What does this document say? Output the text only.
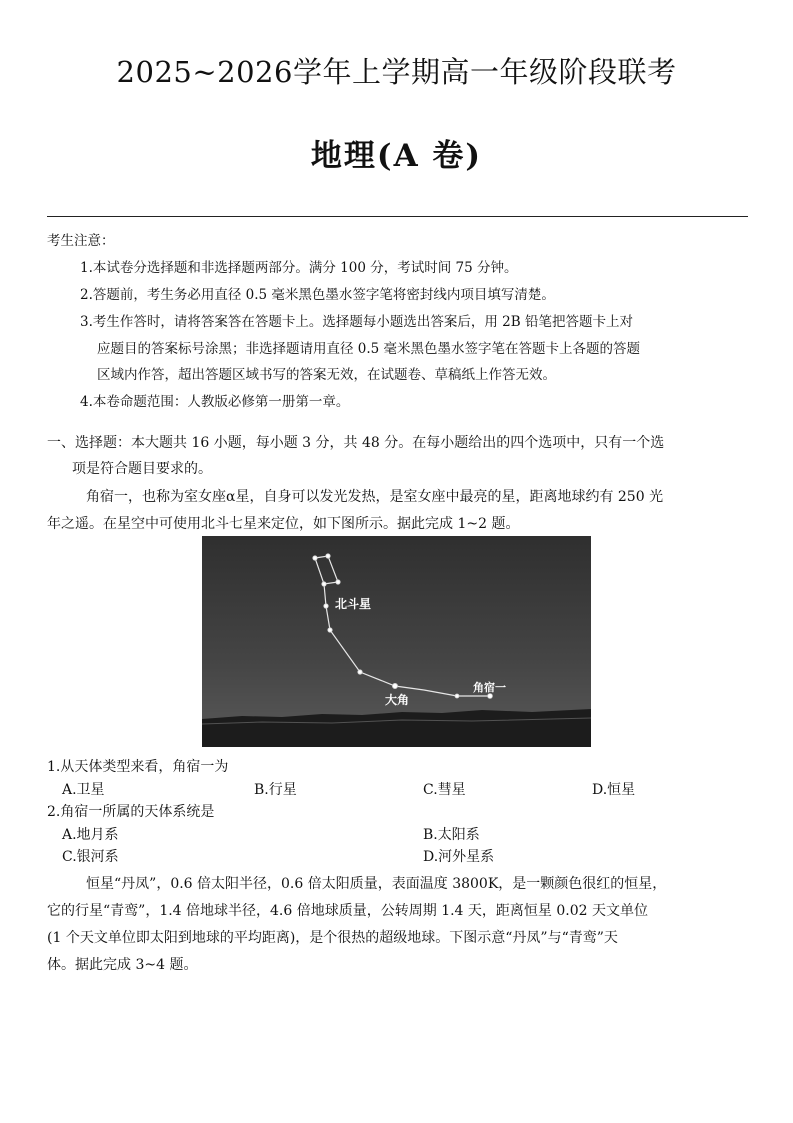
2025~2026学年上学期高一年级阶段联考
地理(A 卷)
考生注意：
1.本试卷分选择题和非选择题两部分。满分 100 分，考试时间 75 分钟。
2.答题前，考生务必用直径 0.5 毫米黑色墨水签字笔将密封线内项目填写清楚。
3.考生作答时，请将答案答在答题卡上。选择题每小题选出答案后，用 2B 铅笔把答题卡上对
应题目的答案标号涂黑；非选择题请用直径 0.5 毫米黑色墨水签字笔在答题卡上各题的答题
区域内作答，超出答题区域书写的答案无效，在试题卷、草稿纸上作答无效。
4.本卷命题范围：人教版必修第一册第一章。
一、选择题：本大题共 16 小题，每小题 3 分，共 48 分。在每小题给出的四个选项中，只有一个选
项是符合题目要求的。
角宿一，也称为室女座α星，自身可以发光发热，是室女座中最亮的星，距离地球约有 250 光
年之遥。在星空中可使用北斗七星来定位，如下图所示。据此完成 1~2 题。
北斗星
大角
角宿一
1.从天体类型来看，角宿一为
A.卫星	B.行星	C.彗星	D.恒星
2.角宿一所属的天体系统是
A.地月系	B.太阳系
C.银河系	D.河外星系
恒星“丹凤”，0.6 倍太阳半径，0.6 倍太阳质量，表面温度 3800K，是一颗颜色很红的恒星，
它的行星“青鸾”，1.4 倍地球半径，4.6 倍地球质量，公转周期 1.4 天，距离恒星 0.02 天文单位
(1 个天文单位即太阳到地球的平均距离)，是个很热的超级地球。下图示意“丹凤”与“青鸾”天
体。据此完成 3~4 题。
